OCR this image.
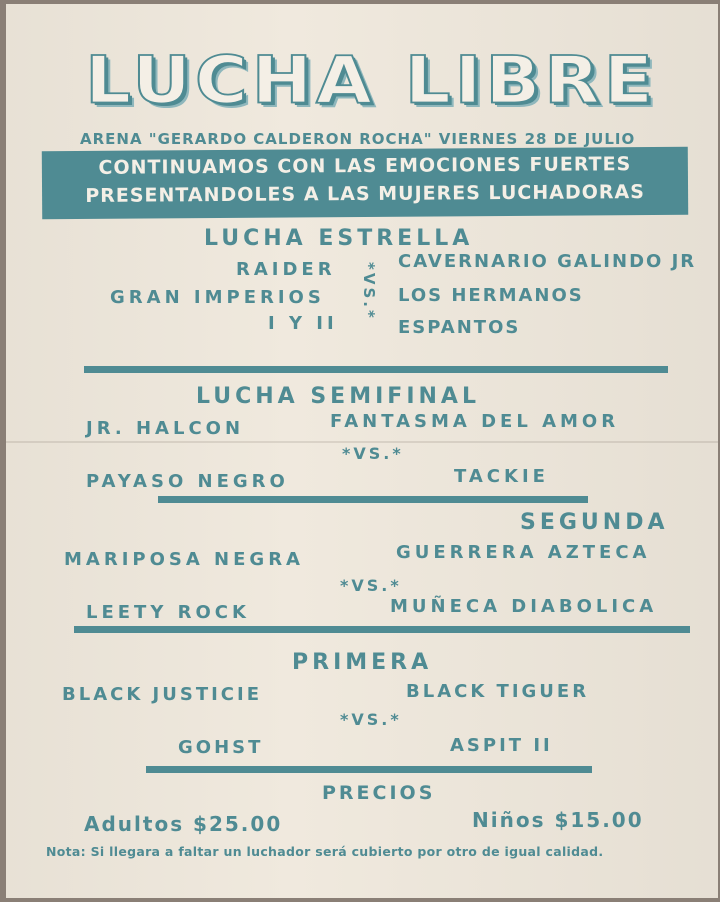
LUCHA LIBRE
ARENA "GERARDO CALDERON ROCHA" VIERNES 28 DE JULIO
CONTINUAMOS CON LAS EMOCIONES FUERTES
PRESENTANDOLES A LAS MUJERES LUCHADORAS
LUCHA ESTRELLA
RAIDER
GRAN IMPERIOS
I Y II
*VS.*
CAVERNARIO GALINDO JR
LOS HERMANOS
ESPANTOS
LUCHA SEMIFINAL
JR. HALCON	FANTASMA DEL AMOR
*VS.*
PAYASO NEGRO	TACKIE
SEGUNDA
MARIPOSA NEGRA	GUERRERA AZTECA
*VS.*
LEETY ROCK	MUÑECA DIABOLICA
PRIMERA
BLACK JUSTICIE	BLACK TIGUER
*VS.*
GOHST	ASPIT II
PRECIOS
Adultos $25.00	Niños $15.00
Nota: Si llegara a faltar un luchador será cubierto por otro de igual calidad.
